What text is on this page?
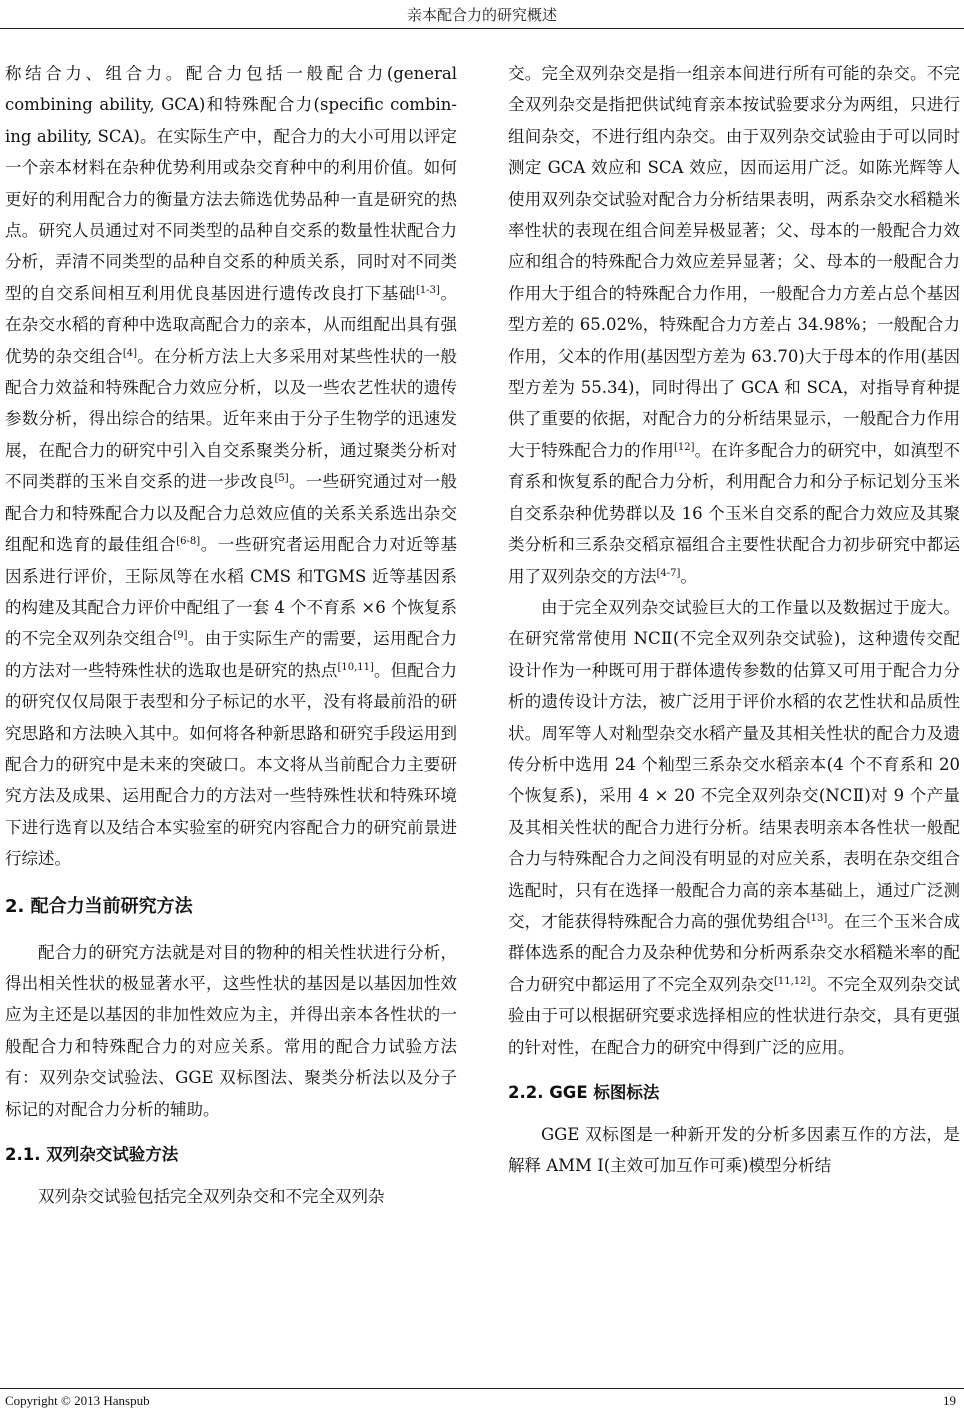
亲本配合力的研究概述

称结合力、组合力。配合力包括一般配合力(general combining ability, GCA)和特殊配合力(specific combin-ing ability, SCA)。在实际生产中，配合力的大小可用以评定一个亲本材料在杂种优势利用或杂交育种中的利用价值。如何更好的利用配合力的衡量方法去筛选优势品种一直是研究的热点。研究人员通过对不同类型的品种自交系的数量性状配合力分析，弄清不同类型的品种自交系的种质关系，同时对不同类型的自交系间相互利用优良基因进行遗传改良打下基础[1-3]。在杂交水稻的育种中选取高配合力的亲本，从而组配出具有强优势的杂交组合[4]。在分析方法上大多采用对某些性状的一般配合力效益和特殊配合力效应分析，以及一些农艺性状的遗传参数分析，得出综合的结果。近年来由于分子生物学的迅速发展，在配合力的研究中引入自交系聚类分析，通过聚类分析对不同类群的玉米自交系的进一步改良[5]。一些研究通过对一般配合力和特殊配合力以及配合力总效应值的关系关系选出杂交组配和选育的最佳组合[6-8]。一些研究者运用配合力对近等基因系进行评价，王际凤等在水稻 CMS 和TGMS 近等基因系的构建及其配合力评价中配组了一套 4 个不育系 ×6 个恢复系的不完全双列杂交组合[9]。由于实际生产的需要，运用配合力的方法对一些特殊性状的选取也是研究的热点[10,11]。但配合力的研究仅仅局限于表型和分子标记的水平，没有将最前沿的研究思路和方法映入其中。如何将各种新思路和研究手段运用到配合力的研究中是未来的突破口。本文将从当前配合力主要研究方法及成果、运用配合力的方法对一些特殊性状和特殊环境下进行选育以及结合本实验室的研究内容配合力的研究前景进行综述。

2. 配合力当前研究方法

配合力的研究方法就是对目的物种的相关性状进行分析，得出相关性状的极显著水平，这些性状的基因是以基因加性效应为主还是以基因的非加性效应为主，并得出亲本各性状的一般配合力和特殊配合力的对应关系。常用的配合力试验方法有：双列杂交试验法、GGE 双标图法、聚类分析法以及分子标记的对配合力分析的辅助。

2.1. 双列杂交试验方法

双列杂交试验包括完全双列杂交和不完全双列杂

交。完全双列杂交是指一组亲本间进行所有可能的杂交。不完全双列杂交是指把供试纯育亲本按试验要求分为两组，只进行组间杂交，不进行组内杂交。由于双列杂交试验由于可以同时测定 GCA 效应和 SCA 效应，因而运用广泛。如陈光辉等人使用双列杂交试验对配合力分析结果表明，两系杂交水稻糙米率性状的表现在组合间差异极显著；父、母本的一般配合力效应和组合的特殊配合力效应差异显著；父、母本的一般配合力作用大于组合的特殊配合力作用，一般配合力方差占总个基因型方差的 65.02%，特殊配合力方差占 34.98%；一般配合力作用，父本的作用(基因型方差为 63.70)大于母本的作用(基因型方差为 55.34)，同时得出了 GCA 和 SCA，对指导育种提供了重要的依据，对配合力的分析结果显示，一般配合力作用大于特殊配合力的作用[12]。在许多配合力的研究中，如滇型不育系和恢复系的配合力分析，利用配合力和分子标记划分玉米自交系杂种优势群以及 16 个玉米自交系的配合力效应及其聚类分析和三系杂交稻京福组合主要性状配合力初步研究中都运用了双列杂交的方法[4-7]。

由于完全双列杂交试验巨大的工作量以及数据过于庞大。在研究常常使用 NCⅡ(不完全双列杂交试验)，这种遗传交配设计作为一种既可用于群体遗传参数的估算又可用于配合力分析的遗传设计方法，被广泛用于评价水稻的农艺性状和品质性状。周军等人对籼型杂交水稻产量及其相关性状的配合力及遗传分析中选用 24 个籼型三系杂交水稻亲本(4 个不育系和 20 个恢复系)，采用 4 × 20 不完全双列杂交(NCⅡ)对 9 个产量及其相关性状的配合力进行分析。结果表明亲本各性状一般配合力与特殊配合力之间没有明显的对应关系，表明在杂交组合选配时，只有在选择一般配合力高的亲本基础上，通过广泛测交，才能获得特殊配合力高的强优势组合[13]。在三个玉米合成群体选系的配合力及杂种优势和分析两系杂交水稻糙米率的配合力研究中都运用了不完全双列杂交[11,12]。不完全双列杂交试验由于可以根据研究要求选择相应的性状进行杂交，具有更强的针对性，在配合力的研究中得到广泛的应用。

2.2. GGE 标图标法

GGE 双标图是一种新开发的分析多因素互作的方法，是解释 AMM I(主效可加互作可乘)模型分析结

Copyright © 2013 Hanspub	19
